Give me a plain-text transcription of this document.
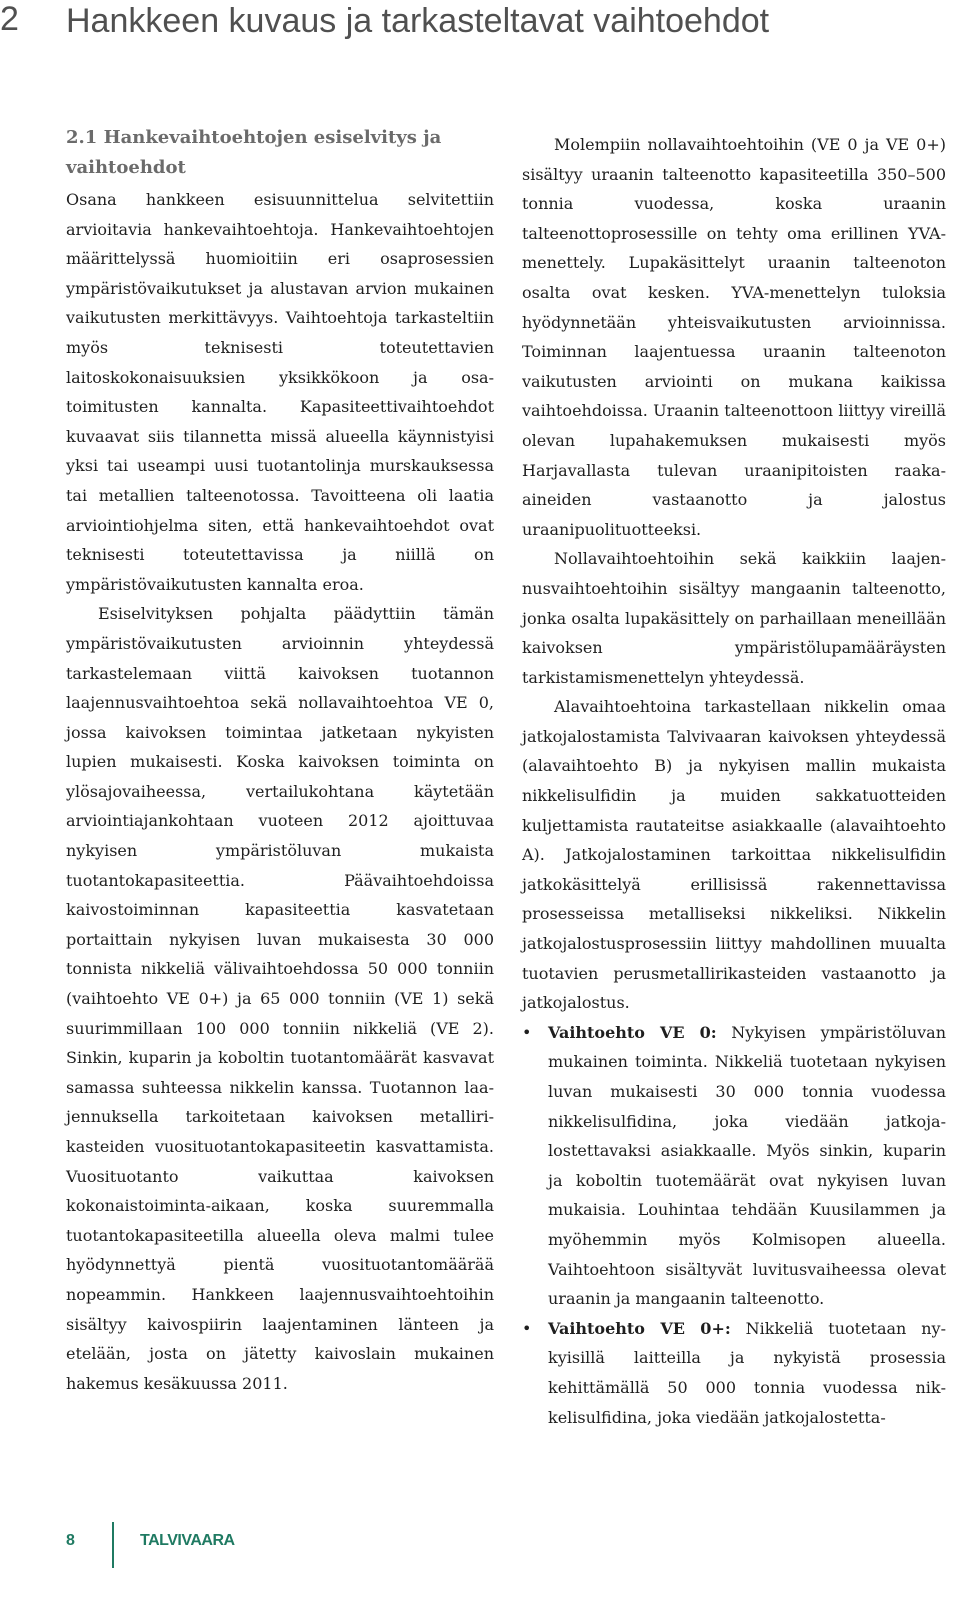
2 Hankkeen kuvaus ja tarkasteltavat vaihtoehdot
2.1 Hankevaihtoehtojen esiselvitys ja vaihtoehdot

Osana hankkeen esisuunnittelua selvitettiin arvioitavia hankevaihtoehtoja. Hankevaihtoehtojen määrittelyssä huomioitiin eri osaprosessien ympäristövaikutukset ja alustavan arvion mukainen vaikutusten merkittävyys. Vaihtoehtoja tarkasteltiin myös teknisesti toteutettavien laitoskokonaisuuksien yksikkökoon ja osatoimitusten kannalta. Kapasiteettivaihtoehdot kuvaavat siis tilannetta missä alueella käynnistyisi yksi tai useampi uusi tuotantolinja murskauksessa tai metallien talteenotossa. Tavoitteena oli laatia arviointiohjelma siten, että hankevaihtoehdot ovat teknisesti toteutettavissa ja niillä on ympäristövaikutusten kannalta eroa.

Esiselvityksen pohjalta päädyttiin tämän ympäristövaikutusten arvioinnin yhteydessä tarkastelemaan viittä kaivoksen tuotannon laajennusvaihtoehtoa sekä nollavaihtoehtoa VE 0, jossa kaivoksen toimintaa jatketaan nykyisten lupien mukaisesti. Koska kaivoksen toiminta on ylösajovaiheessa, vertailukohtana käytetään arviointiajankohtaan vuoteen 2012 ajoittuvaa nykyisen ympäristöluvan mukaista tuotantokapasiteettia. Päävaihtoehdoissa kaivostoiminnan kapasiteettia kasvatetaan portaittain nykyisen luvan mukaisesta 30 000 tonnista nikkeliä välivaihtoehdossa 50 000 tonniin (vaihtoehto VE 0+) ja 65 000 tonniin (VE 1) sekä suurimmillaan 100 000 tonniin nikkeliä (VE 2). Sinkin, kuparin ja koboltin tuotantomäärät kasvavat samassa suhteessa nikkelin kanssa. Tuotannon laajennuksella tarkoitetaan kaivoksen metallirikasteiden vuosituotantokapasiteetin kasvattamista. Vuosituotanto vaikuttaa kaivoksen kokonaistoiminta-aikaan, koska suuremmalla tuotantokapasiteetilla alueella oleva malmi tulee hyödynnettyä pientä vuosituotantomäärää nopeammin. Hankkeen laajennusvaihtoehtoihin sisältyy kaivospiirin laajentaminen länteen ja etelään, josta on jätetty kaivoslain mukainen hakemus kesäkuussa 2011.

Molempiin nollavaihtoehtoihin (VE 0 ja VE 0+) sisältyy uraanin talteenotto kapasiteetilla 350–500 tonnia vuodessa, koska uraanin talteenottoprosessille on tehty oma erillinen YVA-menettely. Lupakäsittelyt uraanin talteenoton osalta ovat kesken. YVA-menettelyn tuloksia hyödynnetään yhteisvaikutusten arvioinnissa. Toiminnan laajentuessa uraanin talteenoton vaikutusten arviointi on mukana kaikissa vaihtoehdoissa. Uraanin talteenottoon liittyy vireillä olevan lupahakemuksen mukaisesti myös Harjavallasta tulevan uraanipitoisten raaka-aineiden vastaanotto ja jalostus uraanipuolituotteeksi.

Nollavaihtoehtoihin sekä kaikkiin laajennusvaihtoehtoihin sisältyy mangaanin talteenotto, jonka osalta lupakäsittely on parhaillaan meneillään kaivoksen ympäristölupamääräysten tarkistamismenettelyn yhteydessä.

Alavaihtoehtoina tarkastellaan nikkelin omaa jatkojalostamista Talvivaaran kaivoksen yhteydessä (alavaihtoehto B) ja nykyisen mallin mukaista nikkelisulfidin ja muiden sakkatuotteiden kuljettamista rautateitse asiakkaalle (alavaihtoehto A). Jatkojalostaminen tarkoittaa nikkelisulfidin jatkokäsittelyä erillisissä rakennettavissa prosesseissa metalliseksi nikkeliksi. Nikkelin jatkojalostusprosessiin liittyy mahdollinen muualta tuotavien perusmetallirikasteiden vastaanotto ja jatkojalostus.

• Vaihtoehto VE 0: Nykyisen ympäristöluvan mukainen toiminta. Nikkeliä tuotetaan nykyisen luvan mukaisesti 30 000 tonnia vuodessa nikkelisulfidina, joka viedään jatkojalostettavaksi asiakkaalle. Myös sinkin, kuparin ja koboltin tuotemäärät ovat nykyisen luvan mukaisia. Louhintaa tehdään Kuusilammen ja myöhemmin myös Kolmisopen alueella. Vaihtoehtoon sisältyvät luvitusvaiheessa olevat uraanin ja mangaanin talteenotto.
• Vaihtoehto VE 0+: Nikkeliä tuotetaan nykyisillä laitteilla ja nykyistä prosessia kehittämällä 50 000 tonnia vuodessa nikkelisulfidina, joka viedään jatkojalostetta-
8	TALVIVAARA
